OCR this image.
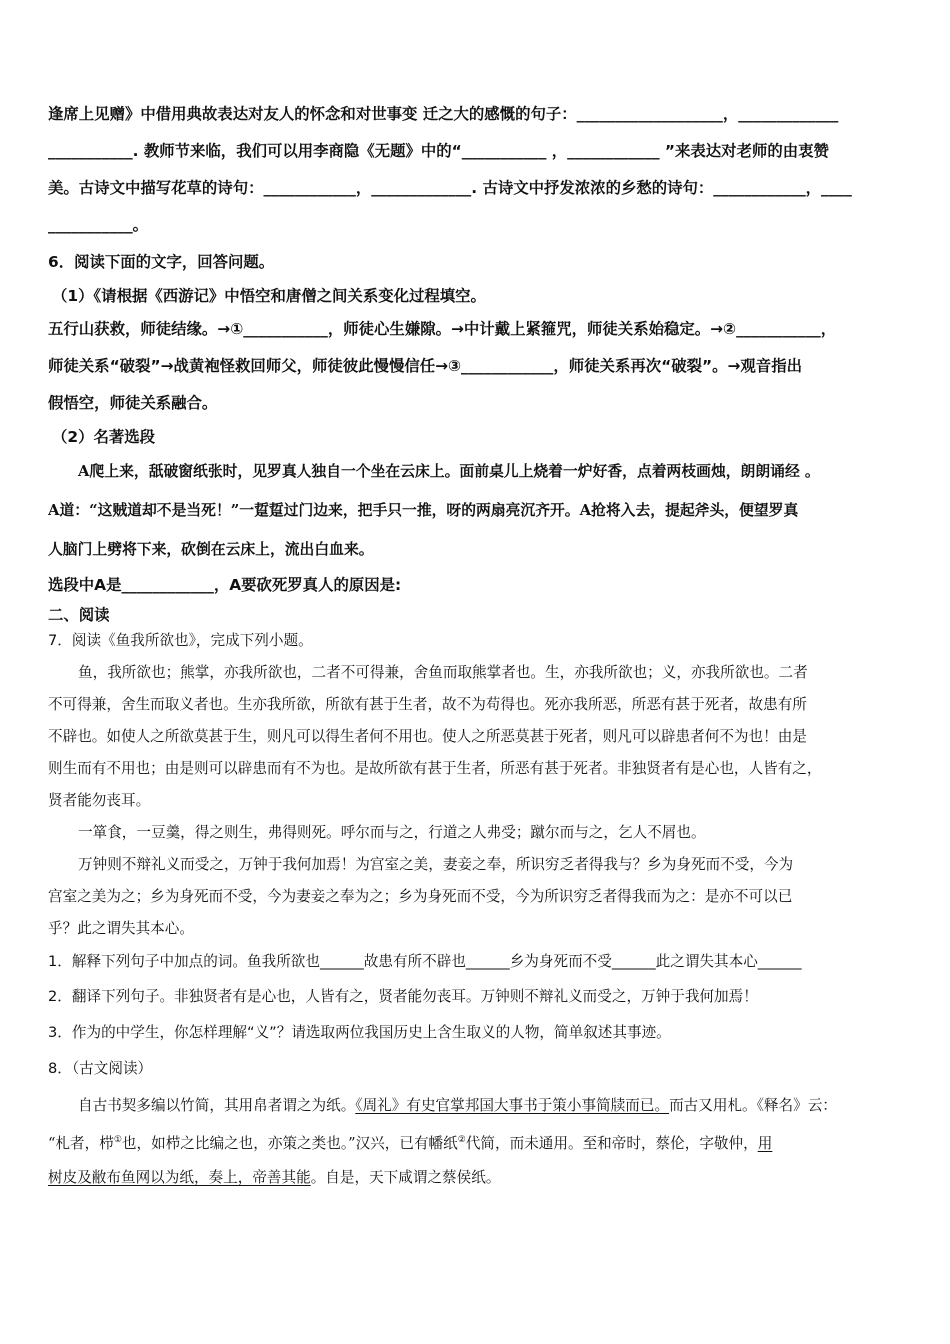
逢席上见赠》中借用典故表达对友人的怀念和对世事变 迁之大的感慨的句子：___________________，_____________

___________. 教师节来临，我们可以用李商隐《无题》中的“___________ ，____________ ”来表达对老师的由衷赞

美。古诗文中描写花草的诗句：____________，_____________. 古诗文中抒发浓浓的乡愁的诗句：____________，____

___________。

6．阅读下面的文字，回答问题。

（1）《请根据《西游记》中悟空和唐僧之间关系变化过程填空。

五行山获救，师徒结缘。→①___________，师徒心生嫌隙。→中计戴上紧箍咒，师徒关系始稳定。→②___________，

师徒关系“破裂”→战黄袍怪救回师父，师徒彼此慢慢信任→③____________，师徒关系再次“破裂”。→观音指出

假悟空，师徒关系融合。

（2）名著选段

A爬上来，舐破窗纸张时，见罗真人独自一个坐在云床上。面前桌儿上烧着一炉好香，点着两枝画烛，朗朗诵经 。

A道：“这贼道却不是当死！”一踅踅过门边来，把手只一推，呀的两扇亮沉齐开。A抢将入去，提起斧头，便望罗真

人脑门上劈将下来，砍倒在云床上，流出白血来。

选段中A是____________，A要砍死罗真人的原因是:

二、阅读

7．阅读《鱼我所欲也》，完成下列小题。

鱼，我所欲也；熊掌，亦我所欲也，二者不可得兼，舍鱼而取熊掌者也。生，亦我所欲也；义，亦我所欲也。二者

不可得兼，舍生而取义者也。生亦我所欲，所欲有甚于生者，故不为苟得也。死亦我所恶，所恶有甚于死者，故患有所

不辟也。如使人之所欲莫甚于生，则凡可以得生者何不用也。使人之所恶莫甚于死者，则凡可以辟患者何不为也！由是

则生而有不用也；由是则可以辟患而有不为也。是故所欲有甚于生者，所恶有甚于死者。非独贤者有是心也，人皆有之，

贤者能勿丧耳。

一箪食，一豆羹，得之则生，弗得则死。呼尔而与之，行道之人弗受；蹴尔而与之，乞人不屑也。

万钟则不辩礼义而受之，万钟于我何加焉！为宫室之美，妻妾之奉，所识穷乏者得我与？乡为身死而不受，今为

宫室之美为之；乡为身死而不受，今为妻妾之奉为之；乡为身死而不受，今为所识穷乏者得我而为之：是亦不可以已

乎？此之谓失其本心。

1．解释下列句子中加点的词。鱼我所欲也______故患有所不辟也______乡为身死而不受______此之谓失其本心______

2．翻译下列句子。非独贤者有是心也，人皆有之，贤者能勿丧耳。万钟则不辩礼义而受之，万钟于我何加焉！

3．作为的中学生，你怎样理解“义”？请选取两位我国历史上含生取义的人物，简单叙述其事迹。

8．（古文阅读）

自古书契多编以竹简，其用帛者谓之为纸。《周礼》有史官掌邦国大事书于策小事简牍而已。而古又用札。《释名》云：

“札者，栉①也，如栉之比编之也，亦策之类也。”汉兴，已有幡纸②代简，而未通用。至和帝时，蔡伦，字敬仲，用

树皮及敝布鱼网以为纸，奏上，帝善其能。自是，天下咸谓之蔡侯纸。
